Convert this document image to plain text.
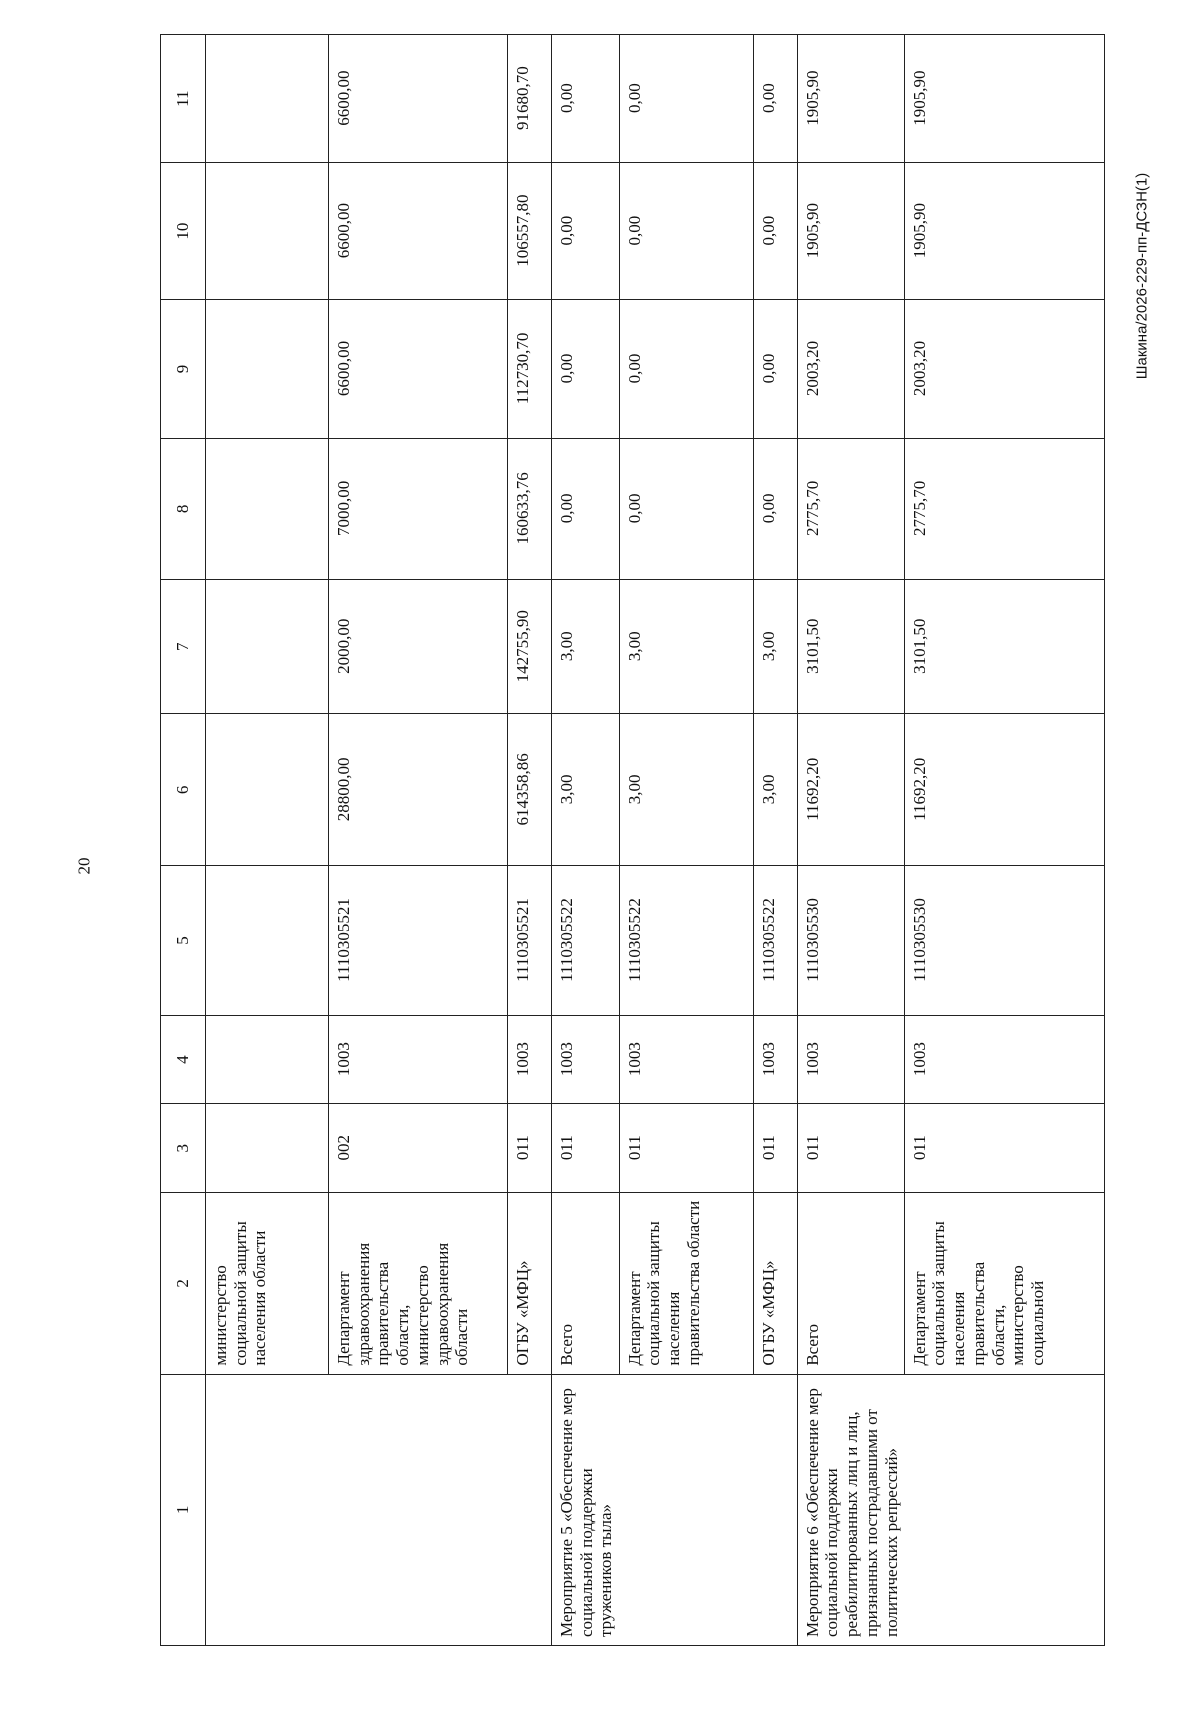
20
Шакина/2026-229-пп-ДСЗН(1)
1	2	3	4	5	6	7	8	9	10	11
	министерство социальной защиты населения области									
	Департамент здравоохранения правительства области, министерство здравоохранения области	002	1003	1110305521	28800,00	2000,00	7000,00	6600,00	6600,00	6600,00
	ОГБУ «МФЦ»	011	1003	1110305521	614358,86	142755,90	160633,76	112730,70	106557,80	91680,70
Мероприятие 5 «Обеспечение мер социальной поддержки тружеников тыла»	Всего	011	1003	1110305522	3,00	3,00	0,00	0,00	0,00	0,00
	Департамент социальной защиты населения правительства области	011	1003	1110305522	3,00	3,00	0,00	0,00	0,00	0,00
	ОГБУ «МФЦ»	011	1003	1110305522	3,00	3,00	0,00	0,00	0,00	0,00
Мероприятие 6 «Обеспечение мер социальной поддержки реабилитированных лиц и лиц, признанных пострадавшими от политических репрессий»	Всего	011	1003	1110305530	11692,20	3101,50	2775,70	2003,20	1905,90	1905,90
	Департамент социальной защиты населения правительства области, министерство социальной	011	1003	1110305530	11692,20	3101,50	2775,70	2003,20	1905,90	1905,90
